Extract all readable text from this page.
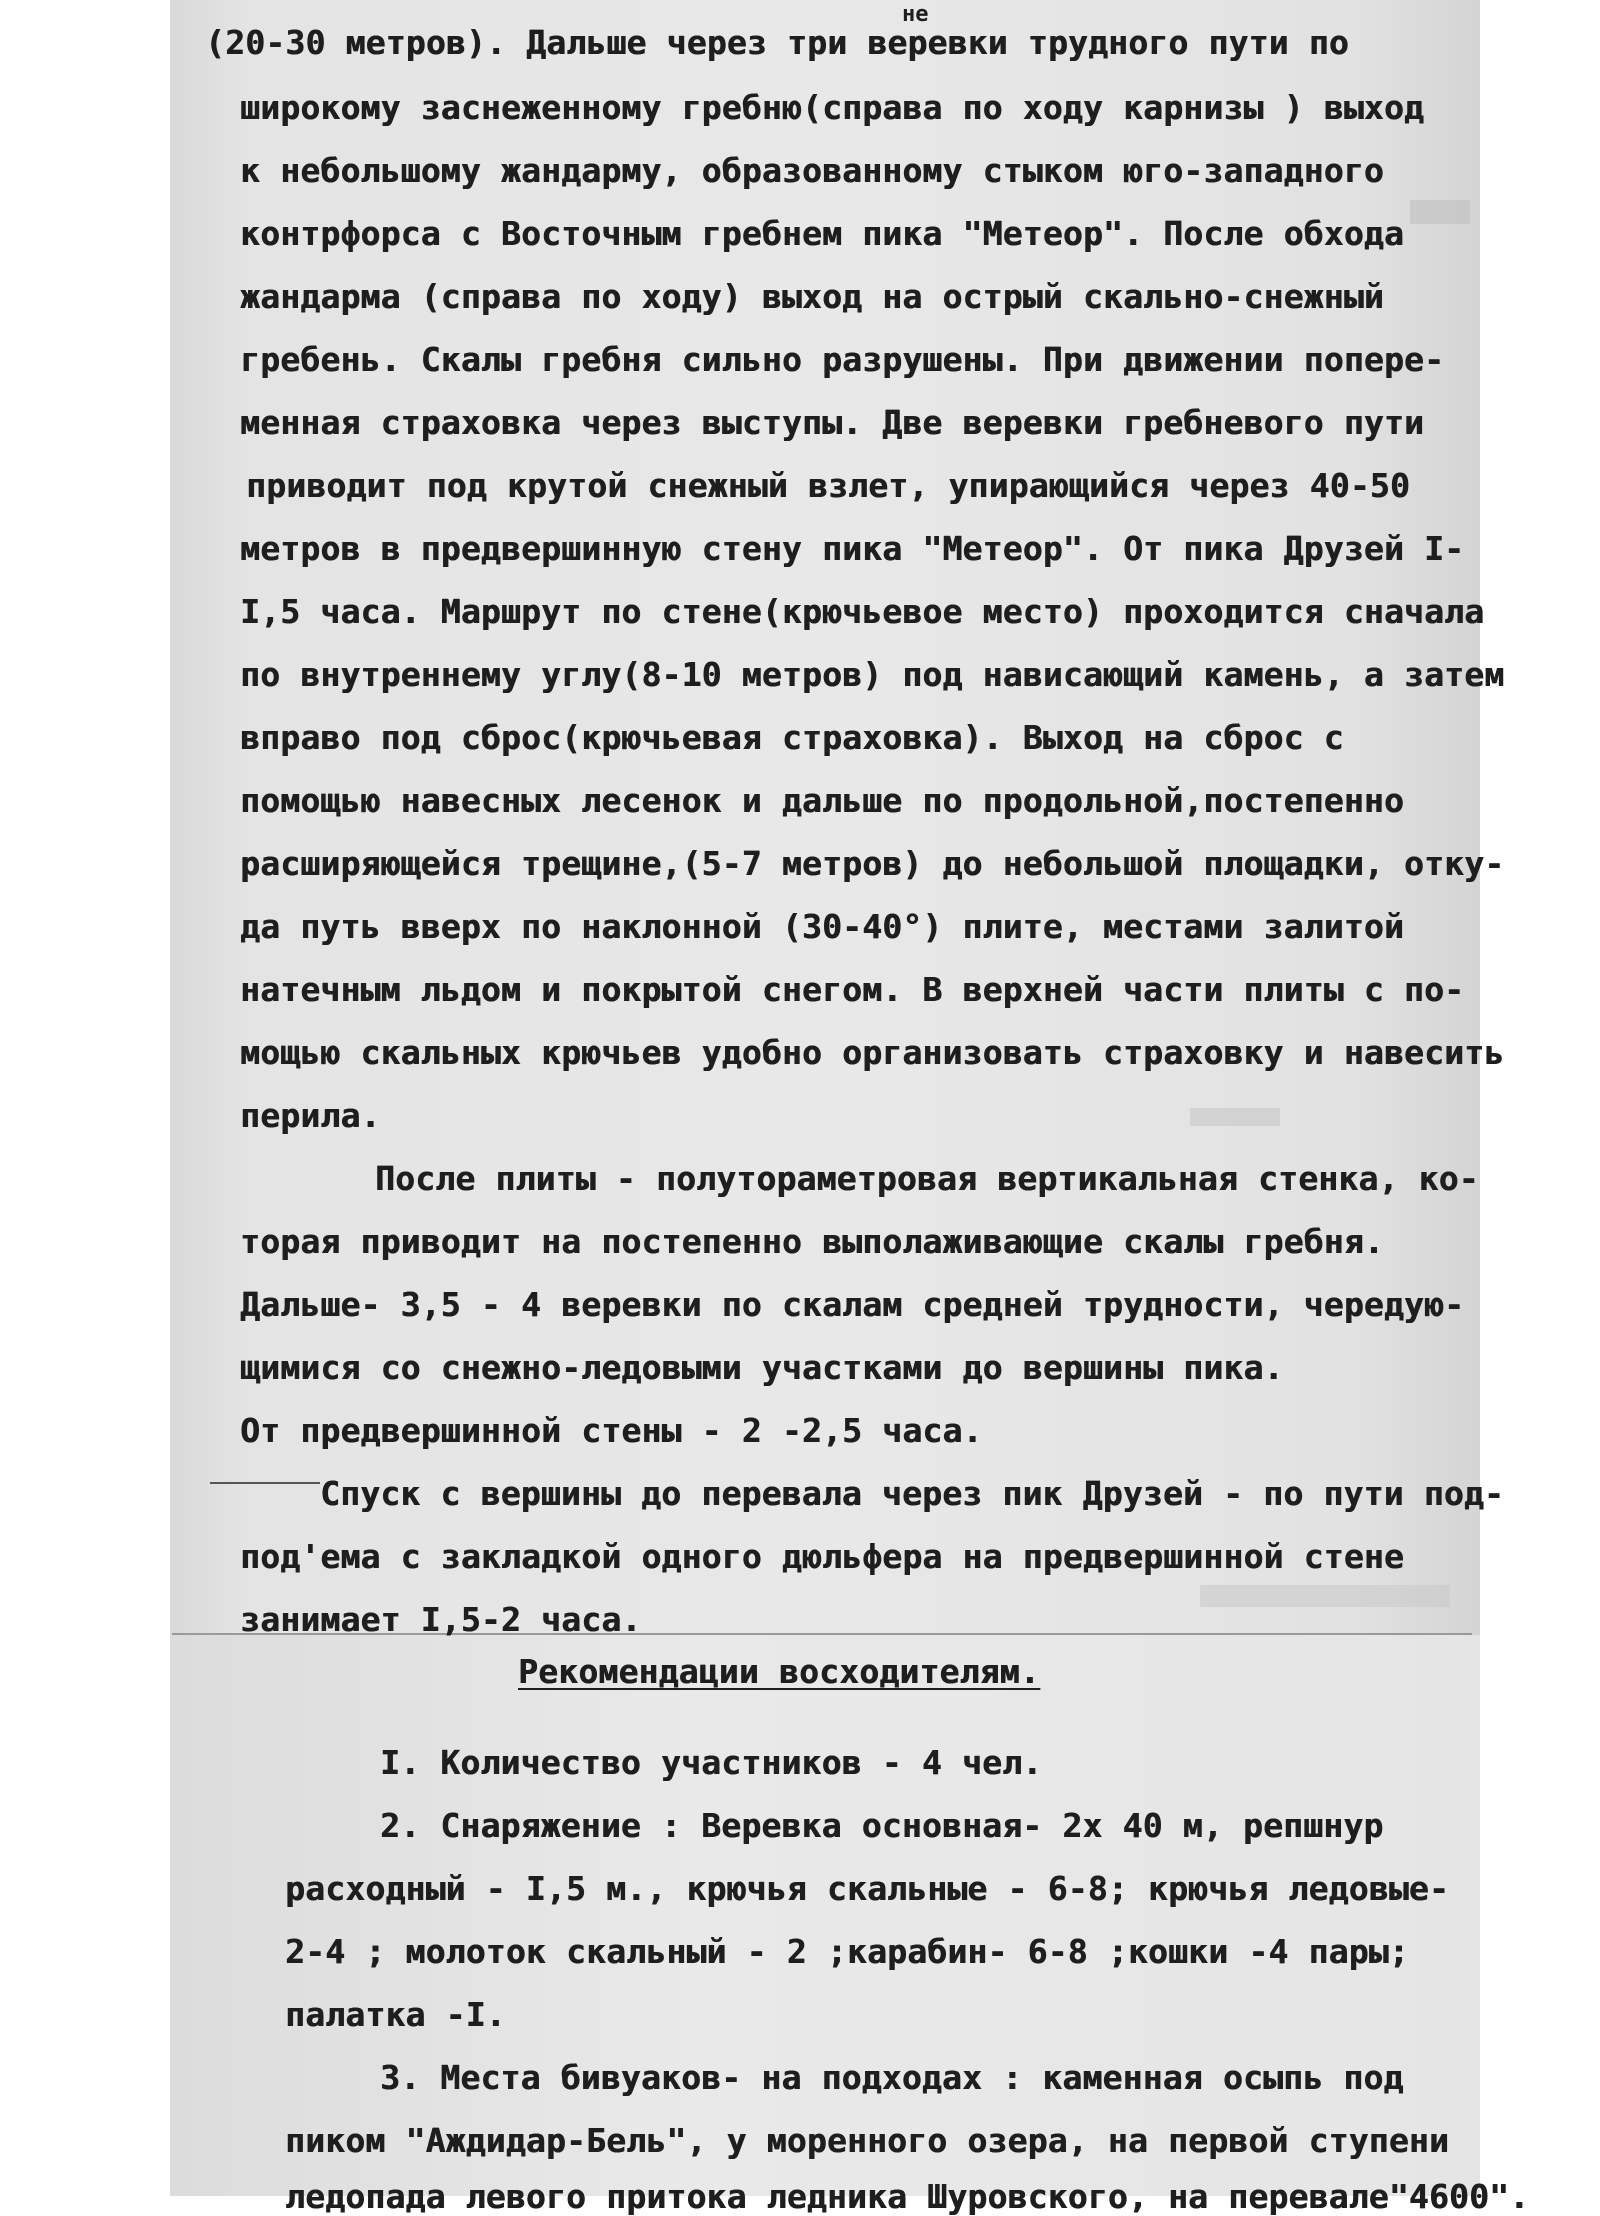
не
(20-30 метров). Дальше через три веревки трудного пути по
широкому заснеженному гребню(справа по ходу карнизы ) выход
к небольшому жандарму, образованному стыком юго-западного
контрфорса с Восточным гребнем пика "Метеор". После обхода
жандарма (справа по ходу) выход на острый скально-снежный
гребень. Скалы гребня сильно разрушены. При движении попере-
менная страховка через выступы. Две веревки гребневого пути
приводит под крутой снежный взлет, упирающийся через 40-50
метров в предвершинную стену пика "Метеор". От пика Друзей I-
I,5 часа. Маршрут по стене(крючьевое место) проходится сначала
по внутреннему углу(8-10 метров) под нависающий камень, а затем
вправо под сброс(крючьевая страховка). Выход на сброс с
помощью навесных лесенок и дальше по продольной,постепенно
расширяющейся трещине,(5-7 метров) до небольшой площадки, отку-
да путь вверх по наклонной (30-40°) плите, местами залитой
натечным льдом и покрытой снегом. В верхней части плиты с по-
мощью скальных крючьев удобно организовать страховку и навесить
перила.
После плиты - полутораметровая вертикальная стенка, ко-
торая приводит на постепенно выполаживающие скалы гребня.
Дальше- 3,5 - 4 веревки по скалам средней трудности, чередую-
щимися со снежно-ледовыми участками до вершины пика.
От предвершинной стены - 2 -2,5 часа.
Спуск с вершины до перевала через пик Друзей - по пути под-
под'ема с закладкой одного дюльфера на предвершинной стене
занимает I,5-2 часа.
Рекомендации восходителям.
I. Количество участников - 4 чел.
2. Снаряжение : Веревка основная- 2х 40 м, репшнур
расходный - I,5 м., крючья скальные - 6-8; крючья ледовые-
2-4 ; молоток скальный - 2 ;карабин- 6-8 ;кошки -4 пары;
палатка -I.
3. Места бивуаков- на подходах : каменная осыпь под
пиком "Аждидар-Бель", у моренного озера, на первой ступени
ледопада левого притока ледника Шуровского, на перевале"4600".
